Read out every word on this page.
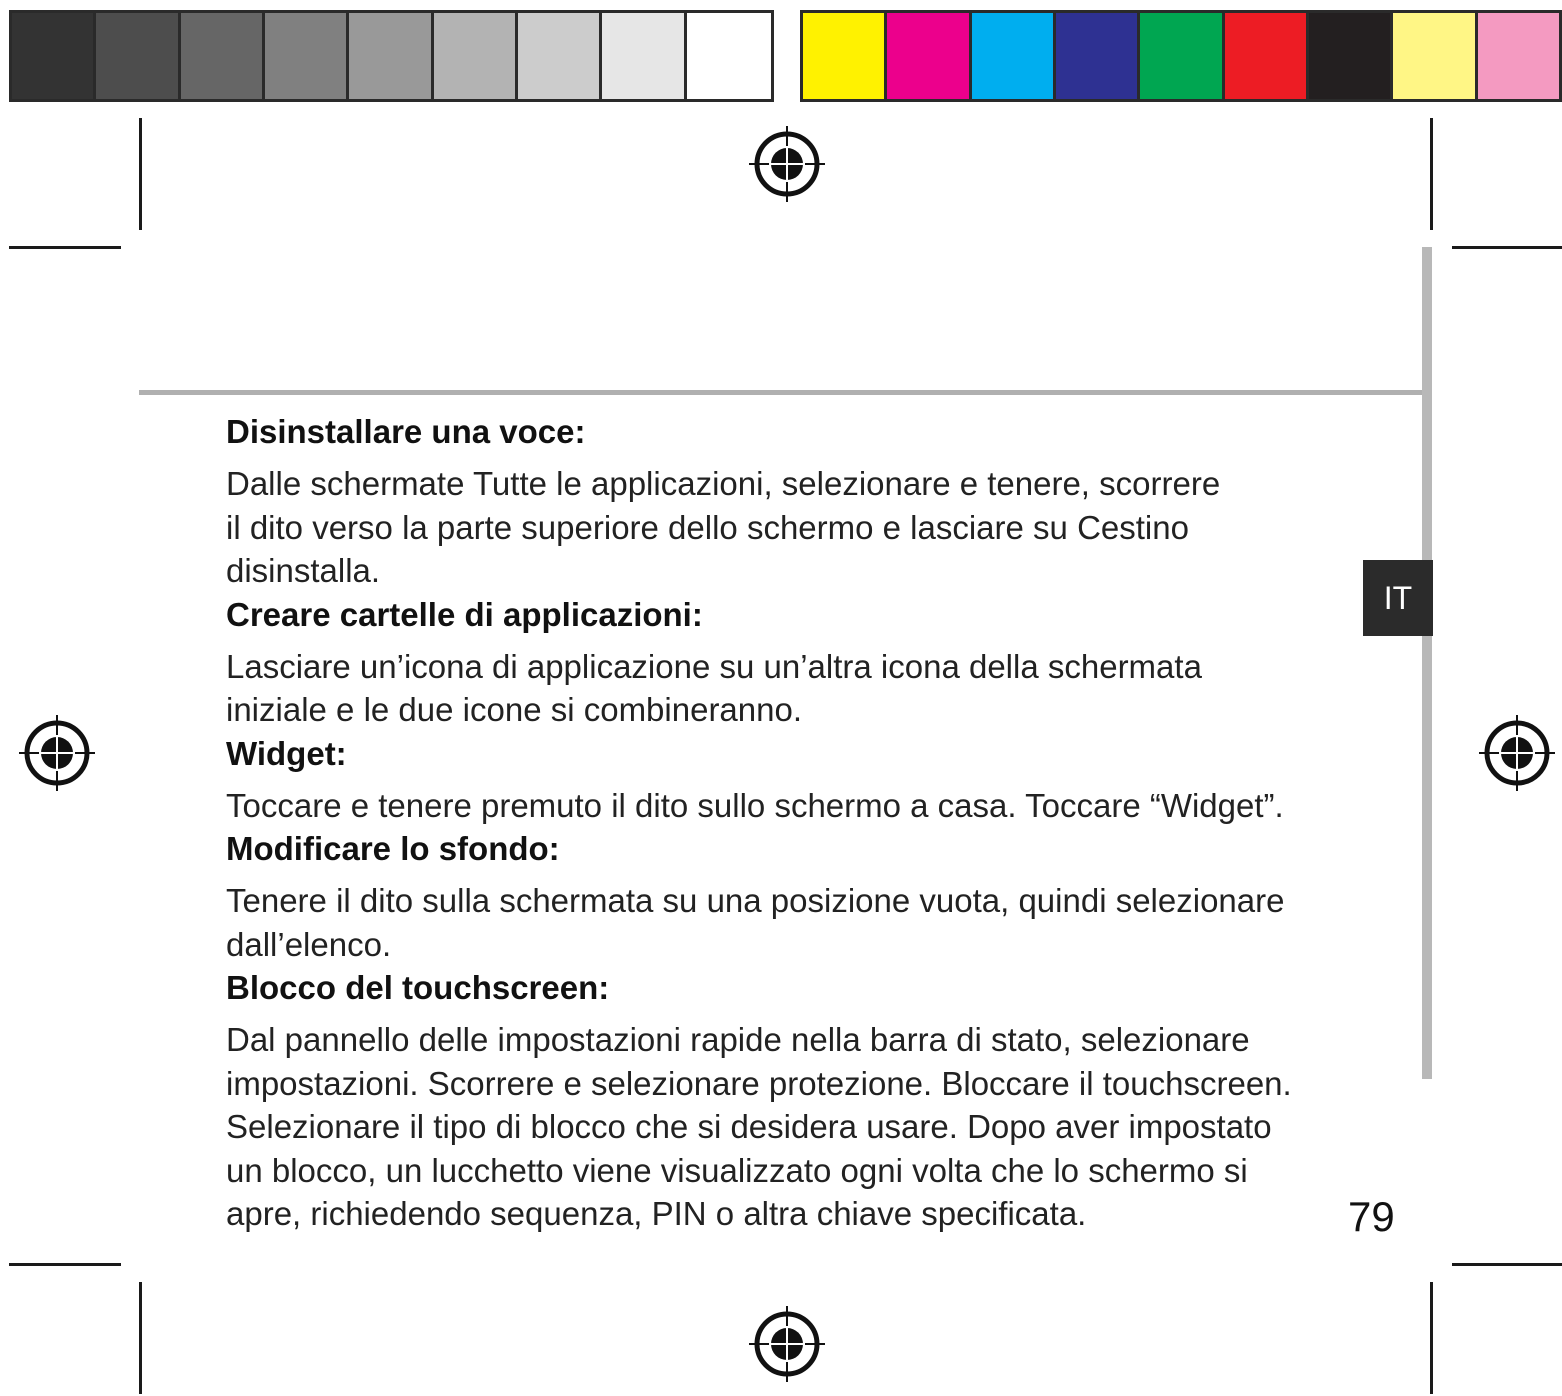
IT
Disinstallare una voce:

Dalle schermate Tutte le applicazioni, selezionare e tenere, scorrere
il dito verso la parte superiore dello schermo e lasciare su Cestino
disinstalla.

Creare cartelle di applicazioni:

Lasciare un’icona di applicazione su un’altra icona della schermata
iniziale e le due icone si combineranno.

Widget:

Toccare e tenere premuto il dito sullo schermo a casa. Toccare “Widget”.

Modificare lo sfondo:

Tenere il dito sulla schermata su una posizione vuota, quindi selezionare
dall’elenco.

Blocco del touchscreen:

Dal pannello delle impostazioni rapide nella barra di stato, selezionare
impostazioni. Scorrere e selezionare protezione. Bloccare il touchscreen.
Selezionare il tipo di blocco che si desidera usare. Dopo aver impostato
un blocco, un lucchetto viene visualizzato ogni volta che lo schermo si
apre, richiedendo sequenza, PIN o altra chiave specificata.	79
